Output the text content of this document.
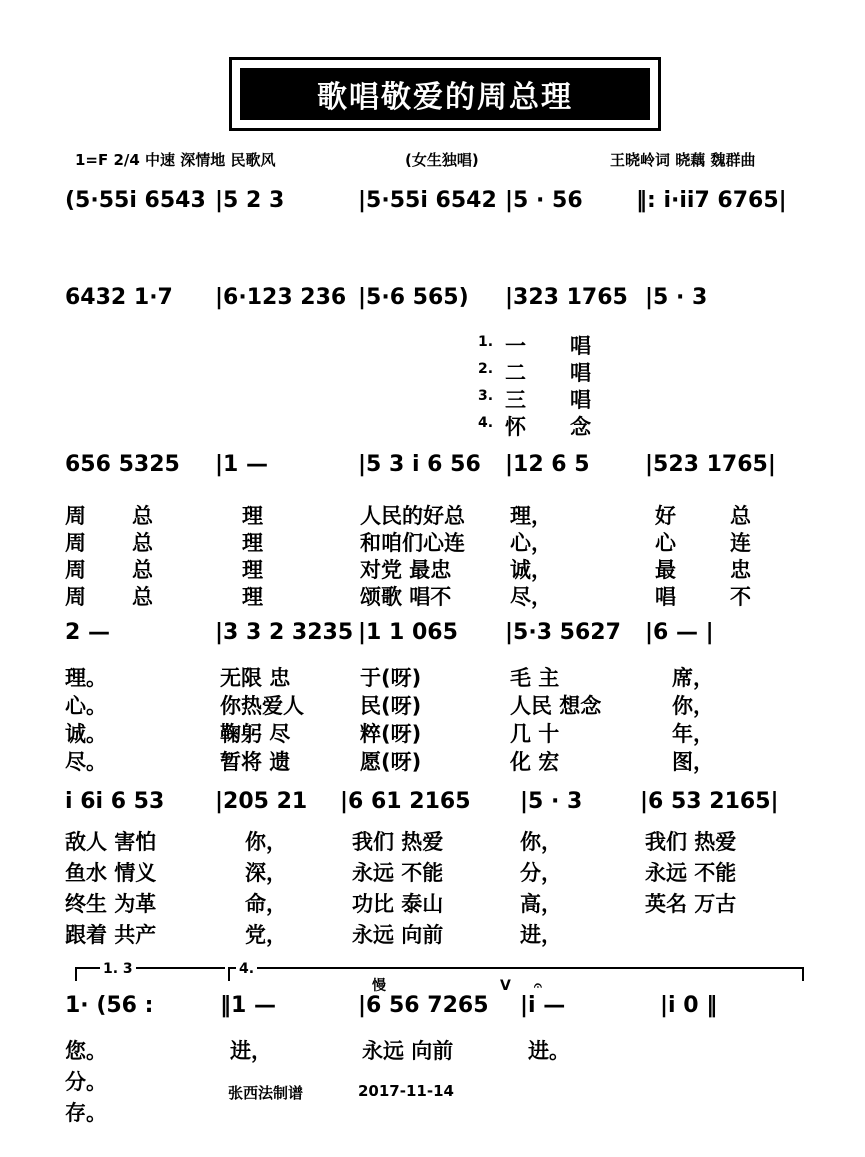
歌唱敬爱的周总理
1=F 2/4 中速 深情地 民歌风	(女生独唱)	王晓岭词 晓藕 魏群曲
(5·55i 6543 |5 2 3	|5·55i 6542 |5 · 56 ‖: i·ii7 6765|
6432 1·7 |6·123 236 |5·6 565) |323 1765 |5 · 3
656 5325 |1 —	|5 3 i 6 56 |12 6 5	|523 1765|
2 —	|3 3 2 3235 |1 1 065 |5·3 5627 |6 — |
i 6i 6 53 |205 21 |6 61 2165 |5 · 3	|6 53 2165|
1· (56 :	‖1 —	|6 56 7265 |i —	|i 0 ‖
1. 一 唱
2. 二 唱
3. 三 唱
4. 怀 念
周 总	理	人民的好总 理，	好	总
周 总	理	和咱们心连 心，	心	连
周 总	理	对党 最忠	诚，	最	忠
周 总	理	颂歌 唱不	尽，	唱	不
理。	无限 忠	于(呀)	毛 主	席，
心。	你热爱人	民(呀)	人民 想念	你，
诚。	鞠躬 尽	粹(呀)	几 十	年，
尽。	暂将 遗	愿(呀)	化 宏	图，
敌人 害怕	你，	我们 热爱	你，	我们 热爱
鱼水 情义	深，	永远 不能	分，	永远 不能
终生 为革	命，	功比 泰山	高，	英名 万古
跟着 共产	党，	永远 向前	进，
1. 3	4.
慢	V 𝄐
您。	进，	永远 向前	进。
分。
存。
张西法制谱	2017-11-14
